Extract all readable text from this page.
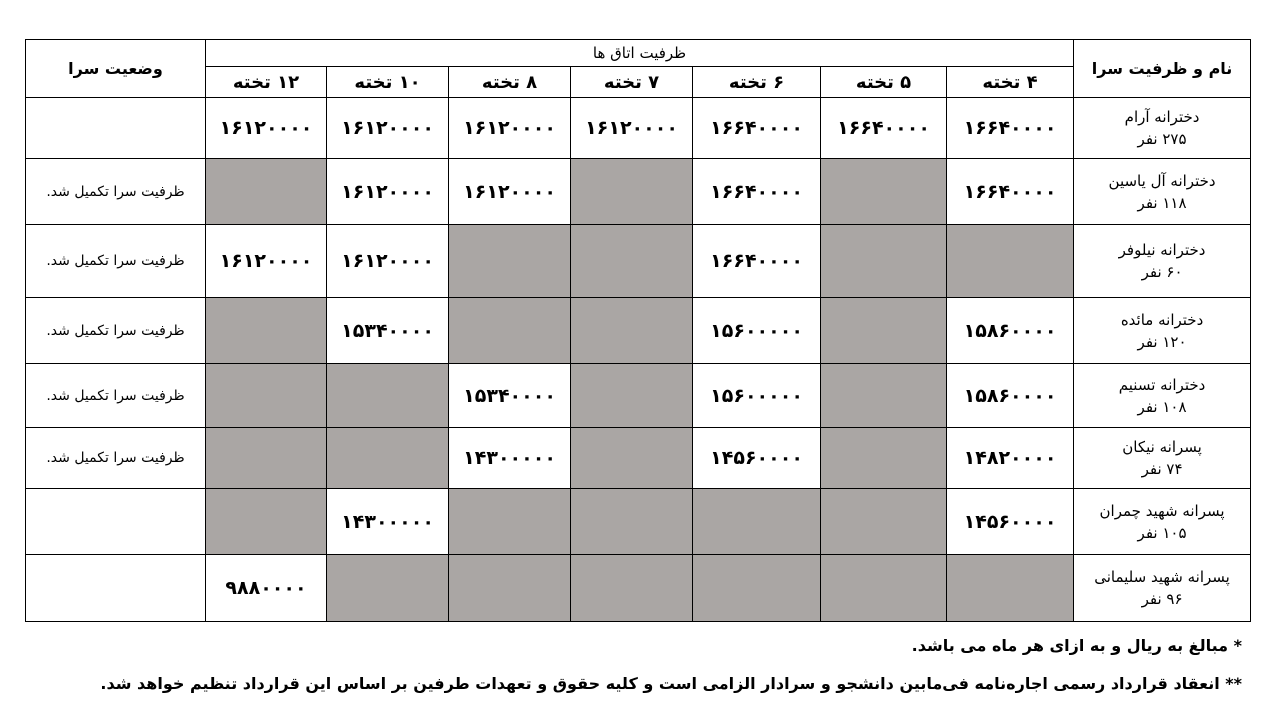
نام و ظرفیت سرا	ظرفیت اتاق ها							وضعیت سرا
	۴ تخته	۵ تخته	۶ تخته	۷ تخته	۸ تخته	۱۰ تخته	۱۲ تخته	

دخترانه آرام
۲۷۵ نفر	۱۶۶۴۰۰۰۰	۱۶۶۴۰۰۰۰	۱۶۶۴۰۰۰۰	۱۶۱۲۰۰۰۰	۱۶۱۲۰۰۰۰	۱۶۱۲۰۰۰۰	۱۶۱۲۰۰۰۰	

دخترانه آل یاسین
۱۱۸ نفر	۱۶۶۴۰۰۰۰		۱۶۶۴۰۰۰۰		۱۶۱۲۰۰۰۰	۱۶۱۲۰۰۰۰		ظرفیت سرا تکمیل شد.

دخترانه نیلوفر
۶۰ نفر			۱۶۶۴۰۰۰۰			۱۶۱۲۰۰۰۰	۱۶۱۲۰۰۰۰	ظرفیت سرا تکمیل شد.

دخترانه مائده
۱۲۰ نفر	۱۵۸۶۰۰۰۰		۱۵۶۰۰۰۰۰			۱۵۳۴۰۰۰۰		ظرفیت سرا تکمیل شد.

دخترانه تسنیم
۱۰۸ نفر	۱۵۸۶۰۰۰۰		۱۵۶۰۰۰۰۰		۱۵۳۴۰۰۰۰			ظرفیت سرا تکمیل شد.

پسرانه نیکان
۷۴ نفر	۱۴۸۲۰۰۰۰		۱۴۵۶۰۰۰۰		۱۴۳۰۰۰۰۰			ظرفیت سرا تکمیل شد.

پسرانه شهید چمران
۱۰۵ نفر	۱۴۵۶۰۰۰۰					۱۴۳۰۰۰۰۰		

پسرانه شهید سلیمانی
۹۶ نفر							۹۸۸۰۰۰۰	
* مبالغ به ریال و به ازای هر ماه می باشد.
** انعقاد قرارداد رسمی اجاره‌نامه فی‌مابین دانشجو و سرادار الزامی است و کلیه حقوق و تعهدات طرفین بر اساس این قرارداد تنظیم خواهد شد.
